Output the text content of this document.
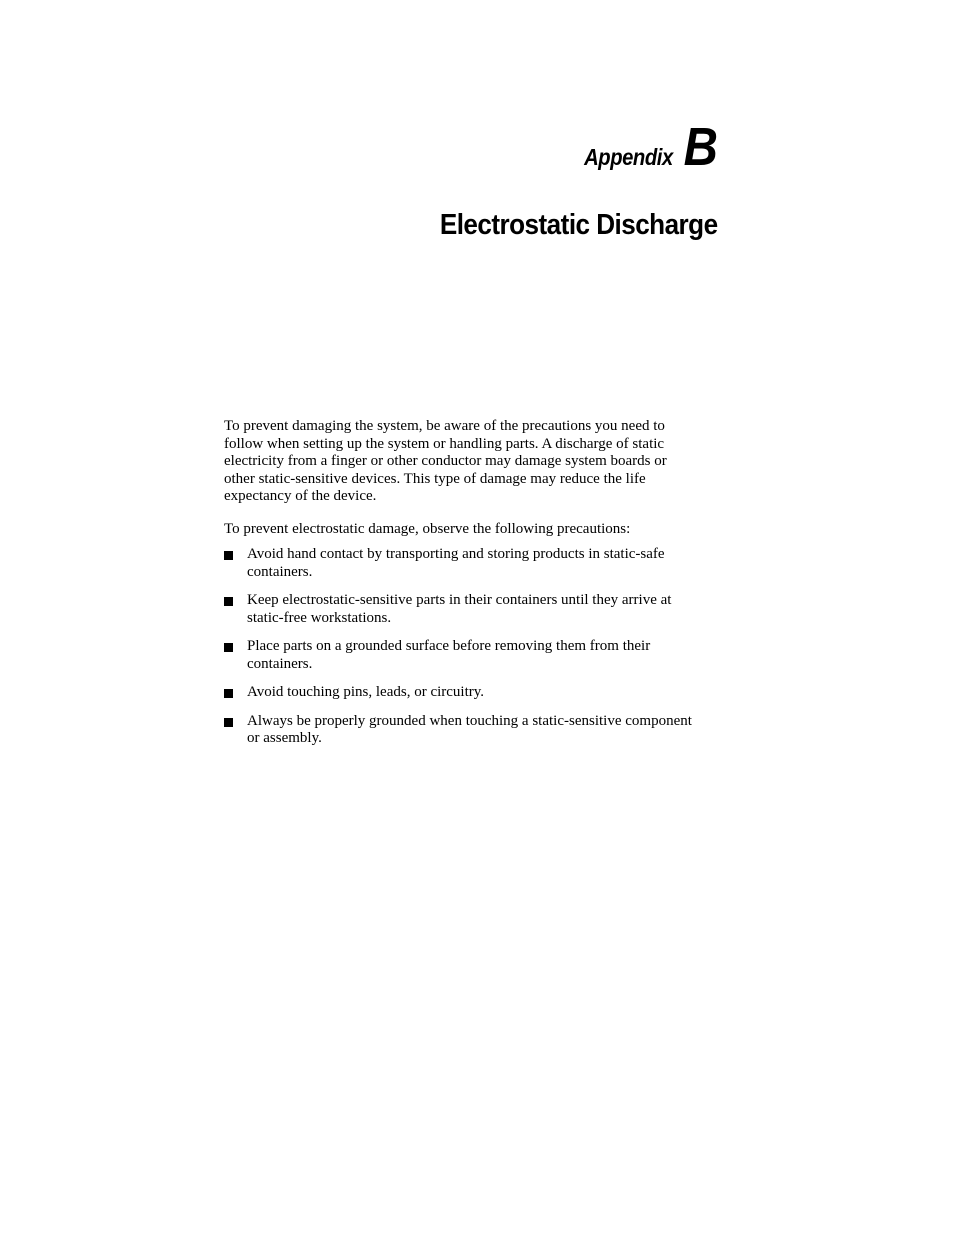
Appendix B
Electrostatic Discharge

To prevent damaging the system, be aware of the precautions you need to follow when setting up the system or handling parts. A discharge of static electricity from a finger or other conductor may damage system boards or other static-sensitive devices. This type of damage may reduce the life expectancy of the device.

To prevent electrostatic damage, observe the following precautions:

Avoid hand contact by transporting and storing products in static-safe containers.
Keep electrostatic-sensitive parts in their containers until they arrive at static-free workstations.
Place parts on a grounded surface before removing them from their containers.
Avoid touching pins, leads, or circuitry.
Always be properly grounded when touching a static-sensitive component or assembly.
